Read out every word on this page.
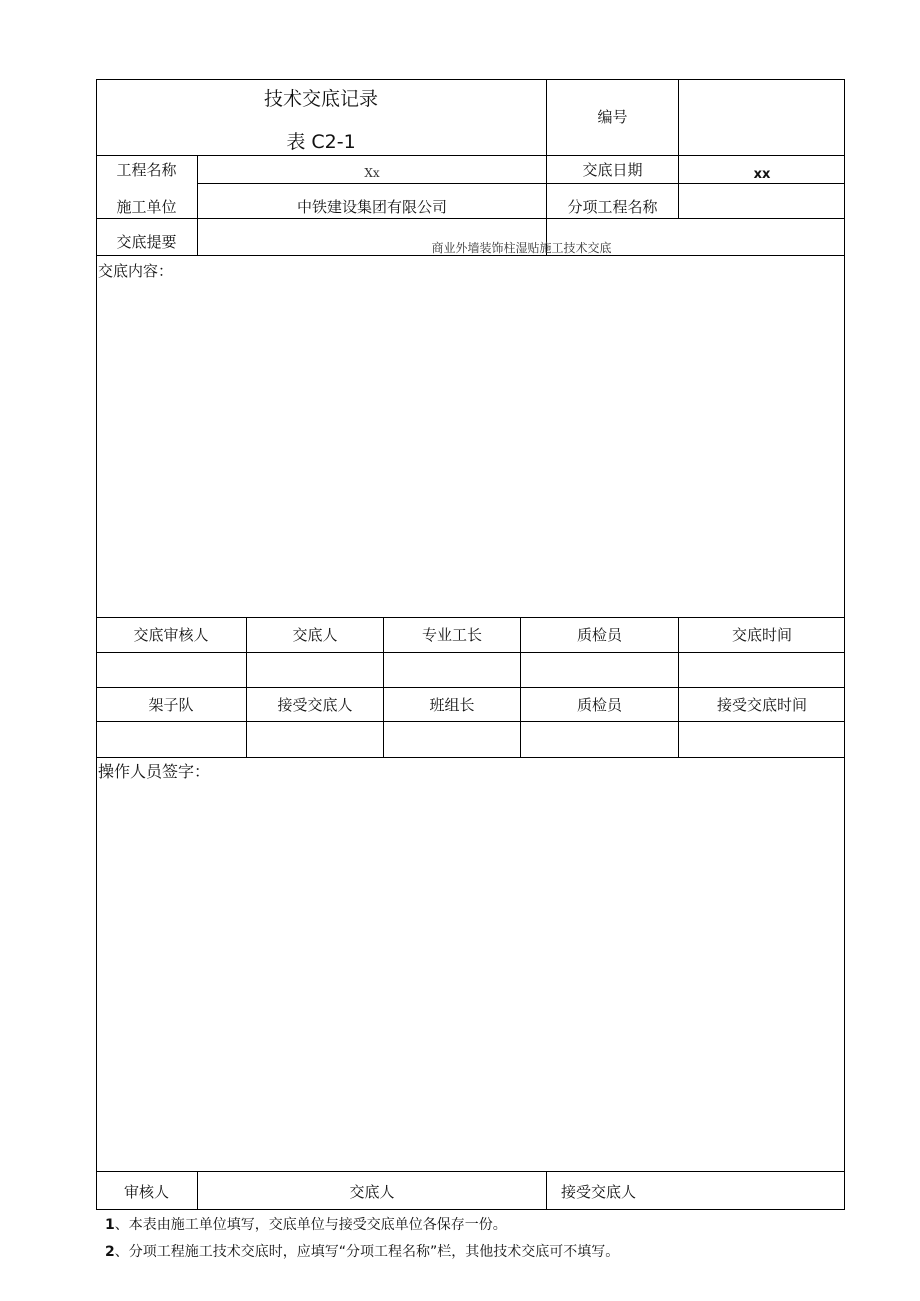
技术交底记录
表 C2-1
编号
工程名称	Xx	交底日期	xx
施工单位	中铁建设集团有限公司	分项工程名称
交底提要	商业外墙装饰柱湿贴施工技术交底
交底内容：
交底审核人	交底人	专业工长	质检员	交底时间
架子队	接受交底人	班组长	质检员	接受交底时间
操作人员签字：
审核人	交底人	接受交底人
1、本表由施工单位填写，交底单位与接受交底单位各保存一份。
2、分项工程施工技术交底时，应填写“分项工程名称”栏，其他技术交底可不填写。
